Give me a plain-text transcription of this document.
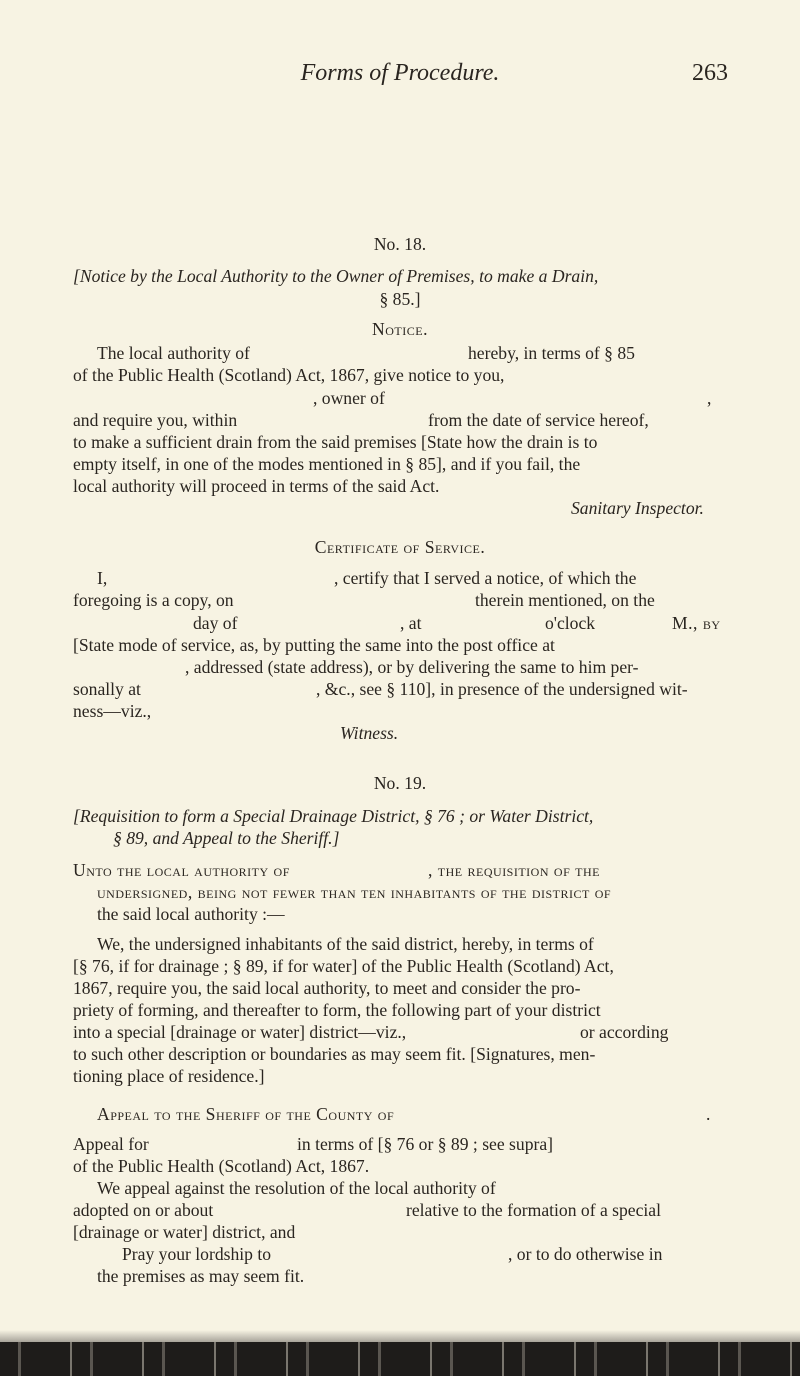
Forms of Procedure.	263
No. 18.
[Notice by the Local Authority to the Owner of Premises, to make a Drain,
§ 85.]
Notice.
The local authority of	hereby, in terms of § 85
of the Public Health (Scotland) Act, 1867, give notice to you,
, owner of	,
and require you, within	from the date of service hereof,
to make a sufficient drain from the said premises [State how the drain is to
empty itself, in one of the modes mentioned in § 85], and if you fail, the
local authority will proceed in terms of the said Act.
Sanitary Inspector.
Certificate of Service.
I,	, certify that I served a notice, of which the
foregoing is a copy, on	therein mentioned, on the
day of	, at	o'clock	M., by
[State mode of service, as, by putting the same into the post office at
, addressed (state address), or by delivering the same to him per-
sonally at	, &c., see § 110], in presence of the undersigned wit-
ness—viz.,
Witness.
No. 19.
[Requisition to form a Special Drainage District, § 76 ; or Water District,
§ 89, and Appeal to the Sheriff.]
Unto the local authority of	, the requisition of the
undersigned, being not fewer than ten inhabitants of the district of
the said local authority :—
We, the undersigned inhabitants of the said district, hereby, in terms of
[§ 76, if for drainage ; § 89, if for water] of the Public Health (Scotland) Act,
1867, require you, the said local authority, to meet and consider the pro-
priety of forming, and thereafter to form, the following part of your district
into a special [drainage or water] district—viz.,	or according
to such other description or boundaries as may seem fit. [Signatures, men-
tioning place of residence.]
Appeal to the Sheriff of the County of	.
Appeal for	in terms of [§ 76 or § 89 ; see supra]
of the Public Health (Scotland) Act, 1867.
We appeal against the resolution of the local authority of
adopted on or about	relative to the formation of a special
[drainage or water] district, and
Pray your lordship to	, or to do otherwise in
the premises as may seem fit.
